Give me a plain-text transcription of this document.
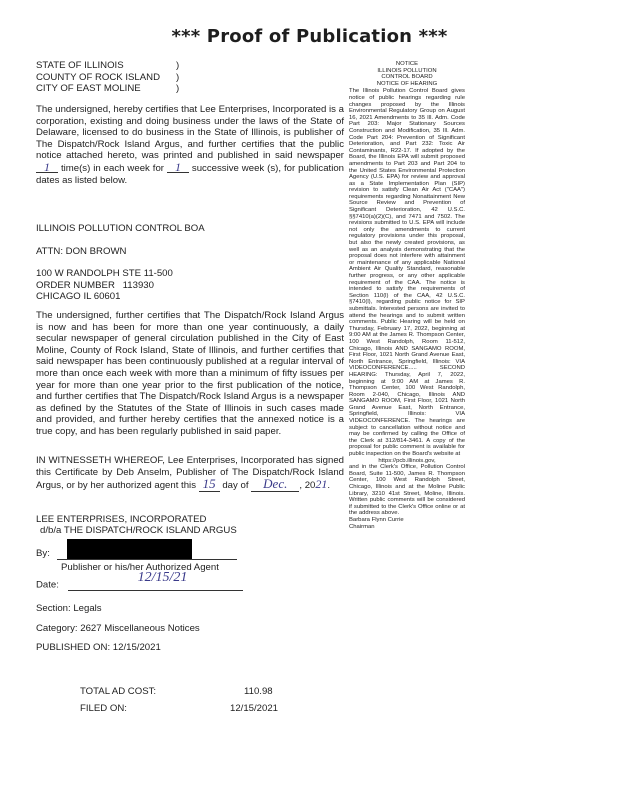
*** Proof of Publication ***
STATE OF ILLINOIS
COUNTY OF ROCK ISLAND
CITY OF EAST MOLINE
)
)
)
The undersigned, hereby certifies that Lee Enterprises, Incorporated is a corporation, existing and doing business under the laws of the State of Delaware, licensed to do business in the State of Illinois, is publisher of The Dispatch/Rock Island Argus, and further certifies that the public notice attached hereto, was printed and published in said newspaper 1 time(s) in each week for 1 successive week (s), for publication dates as listed below.
ILLINOIS POLLUTION CONTROL BOA
ATTN: DON BROWN
100 W RANDOLPH STE 11-500
CHICAGO IL 60601
ORDER NUMBER 113930
The undersigned, further certifies that The Dispatch/Rock Island Argus is now and has been for more than one year continuously, a daily secular newspaper of general circulation published in the City of East Moline, County of Rock Island, State of Illinois, and further certifies that said newspaper has been continuously published at a regular interval of more than once each week with more than a minimum of fifty issues per year for more than one year prior to the first publication of the notice, and further certifies that The Dispatch/Rock Island Argus is a newspaper as defined by the Statutes of the State of Illinois in such cases made and provided, and further hereby certifies that the annexed notice is a true copy, and has been regularly published in said paper.
IN WITNESSETH WHEREOF, Lee Enterprises, Incorporated has signed this Certificate by Deb Anselm, Publisher of The Dispatch/Rock Island Argus, or by her authorized agent this 15 day of Dec. , 2021.
LEE ENTERPRISES, INCORPORATED
d/b/a THE DISPATCH/ROCK ISLAND ARGUS
By:
Publisher or his/her Authorized Agent
Date:	12/15/21
Section: Legals
Category: 2627 Miscellaneous Notices
PUBLISHED ON: 12/15/2021
TOTAL AD COST:	110.98
FILED ON:	12/15/2021
NOTICE
ILLINOIS POLLUTION CONTROL BOARD
NOTICE OF HEARING

The Illinois Pollution Control Board gives notice of public hearings regarding rule changes proposed by the Illinois Environmental Regulatory Group on August 16, 2021 Amendments to 35 Ill. Adm. Code Part 203: Major Stationary Sources Construction and Modification, 35 Ill. Adm. Code Part 204: Prevention of Significant Deterioration, and Part 232: Toxic Air Contaminants, R22-17. If adopted by the Board, the Illinois EPA will submit proposed amendments to Part 203 and Part 204 to the United States Environmental Protection Agency (U.S. EPA) for review and approval as a State Implementation Plan (SIP) revision to satisfy Clean Air Act ("CAA") requirements regarding Nonattainment New Source Review and Prevention of Significant Deterioration, 42 U.S.C. §§7410(a)(2)(C), and 7471 and 7502. The revisions submitted to U.S. EPA will include not only the amendments to current regulatory provisions under this proposal, but also the newly created provisions, as well as an analysis demonstrating that the proposal does not interfere with attainment or maintenance of any applicable National Ambient Air Quality Standard, reasonable further progress, or any other applicable requirement of the CAA. The notice is intended to satisfy the requirements of Section 110(l) of the CAA, 42 U.S.C. §7410(l), regarding public notice for SIP submittals. Interested persons are invited to attend the hearings and to submit written comments. Public Hearing will be held on Thursday, February 17, 2022, beginning at 9:00 AM at the James R. Thompson Center, 100 West Randolph, Room 11-512, Chicago, Illinois AND SANGAMO ROOM, First Floor, 1021 North Grand Avenue East, North Entrance, Springfield, Illinois: VIA VIDEOCONFERENCE..... SECOND HEARING: Thursday, April 7, 2022, beginning at 9:00 AM at James R. Thompson Center, 100 West Randolph, Room 2-040, Chicago, Illinois AND SANGAMO ROOM, First Floor, 1021 North Grand Avenue East, North Entrance, Springfield, Illinois: VIA VIDEOCONFERENCE. The hearings are subject to cancellation without notice and may be confirmed by calling the Office of the Clerk at 312/814-3461. A copy of the proposal for public comment is available for public inspection on the Board's website at

https://pcb.illinois.gov,

and in the Clerk's Office, Pollution Control Board, Suite 11-500, James R. Thompson Center, 100 West Randolph Street, Chicago, Illinois and at the Moline Public Library, 3210 41st Street, Moline, Illinois. Written public comments will be considered if submitted to the Clerk's Office online or at the address above.

Barbara Flynn Currie
Chairman
